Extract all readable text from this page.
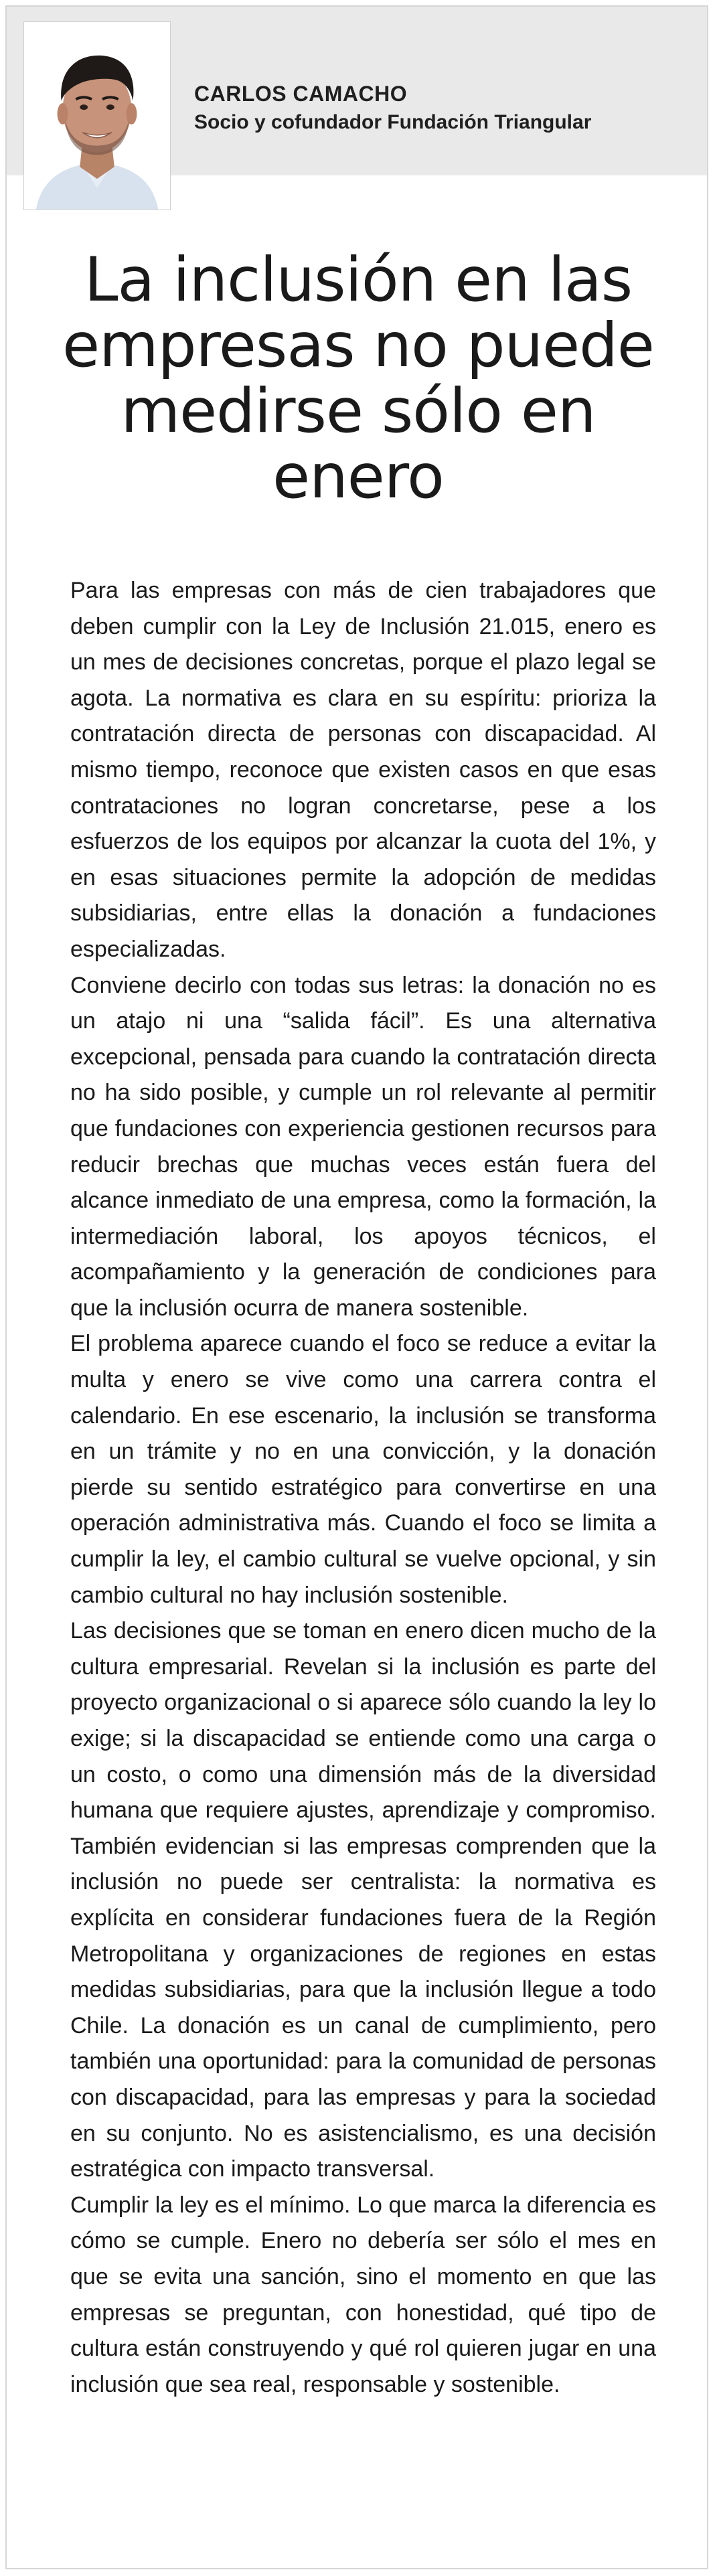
CARLOS CAMACHO
Socio y cofundador Fundación Triangular
La inclusión en las empresas no puede medirse sólo en enero

Para las empresas con más de cien trabajadores que deben cumplir con la Ley de Inclusión 21.015, enero es un mes de decisiones concretas, porque el plazo legal se agota. La normativa es clara en su espíritu: prioriza la contratación directa de personas con discapacidad. Al mismo tiempo, reconoce que existen casos en que esas contrataciones no logran concretarse, pese a los esfuerzos de los equipos por alcanzar la cuota del 1%, y en esas situaciones permite la adopción de medidas subsidiarias, entre ellas la donación a fundaciones especializadas.

Conviene decirlo con todas sus letras: la donación no es un atajo ni una “salida fácil”. Es una alternativa excepcional, pensada para cuando la contratación directa no ha sido posible, y cumple un rol relevante al permitir que fundaciones con experiencia gestionen recursos para reducir brechas que muchas veces están fuera del alcance inmediato de una empresa, como la formación, la intermediación laboral, los apoyos técnicos, el acompañamiento y la generación de condiciones para que la inclusión ocurra de manera sostenible.

El problema aparece cuando el foco se reduce a evitar la multa y enero se vive como una carrera contra el calendario. En ese escenario, la inclusión se transforma en un trámite y no en una convicción, y la donación pierde su sentido estratégico para convertirse en una operación administrativa más. Cuando el foco se limita a cumplir la ley, el cambio cultural se vuelve opcional, y sin cambio cultural no hay inclusión sostenible.

Las decisiones que se toman en enero dicen mucho de la cultura empresarial. Revelan si la inclusión es parte del proyecto organizacional o si aparece sólo cuando la ley lo exige; si la discapacidad se entiende como una carga o un costo, o como una dimensión más de la diversidad humana que requiere ajustes, aprendizaje y compromiso. También evidencian si las empresas comprenden que la inclusión no puede ser centralista: la normativa es explícita en considerar fundaciones fuera de la Región Metropolitana y organizaciones de regiones en estas medidas subsidiarias, para que la inclusión llegue a todo Chile. La donación es un canal de cumplimiento, pero también una oportunidad: para la comunidad de personas con discapacidad, para las empresas y para la sociedad en su conjunto. No es asistencialismo, es una decisión estratégica con impacto transversal.

Cumplir la ley es el mínimo. Lo que marca la diferencia es cómo se cumple. Enero no debería ser sólo el mes en que se evita una sanción, sino el momento en que las empresas se preguntan, con honestidad, qué tipo de cultura están construyendo y qué rol quieren jugar en una inclusión que sea real, responsable y sostenible.
